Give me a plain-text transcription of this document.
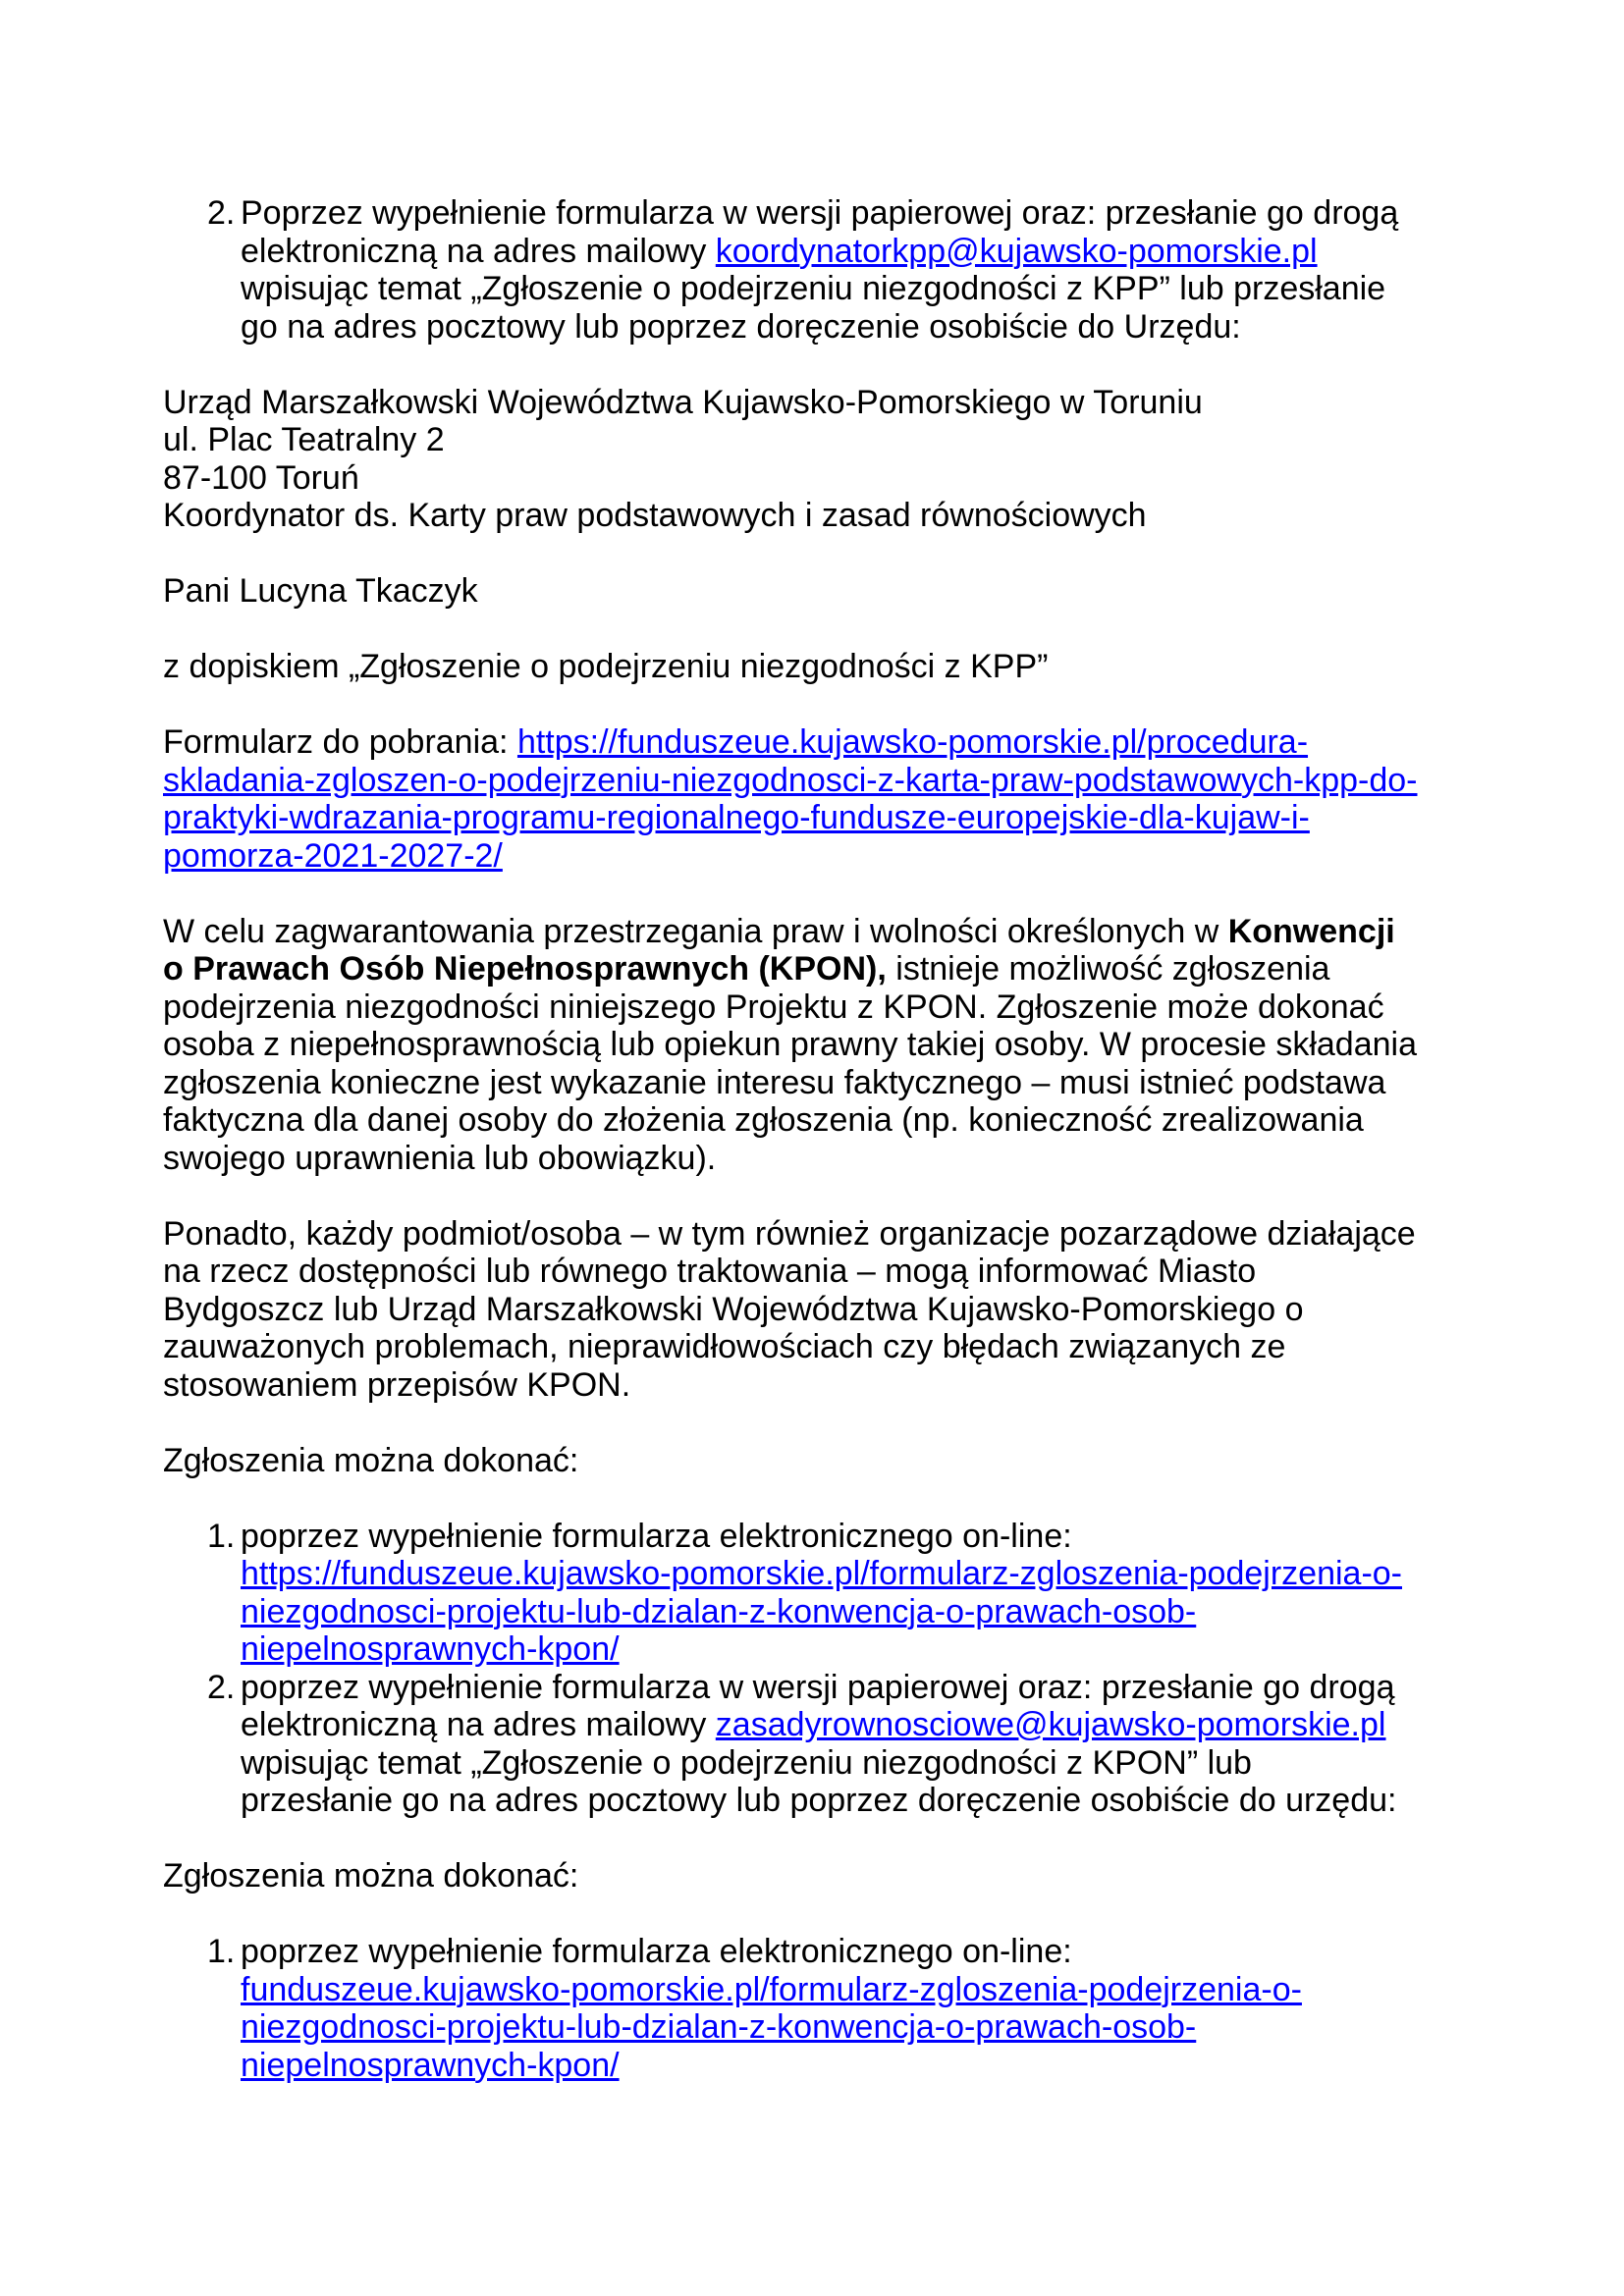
2. Poprzez wypełnienie formularza w wersji papierowej oraz: przesłanie go drogą
elektroniczną na adres mailowy koordynatorkpp@kujawsko-pomorskie.pl
wpisując temat „Zgłoszenie o podejrzeniu niezgodności z KPP” lub przesłanie
go na adres pocztowy lub poprzez doręczenie osobiście do Urzędu:
Urząd Marszałkowski Województwa Kujawsko-Pomorskiego w Toruniu
ul. Plac Teatralny 2
87-100 Toruń
Koordynator ds. Karty praw podstawowych i zasad równościowych
Pani Lucyna Tkaczyk
z dopiskiem „Zgłoszenie o podejrzeniu niezgodności z KPP”
Formularz do pobrania: https://funduszeue.kujawsko-pomorskie.pl/procedura-
skladania-zgloszen-o-podejrzeniu-niezgodnosci-z-karta-praw-podstawowych-kpp-do-
praktyki-wdrazania-programu-regionalnego-fundusze-europejskie-dla-kujaw-i-
pomorza-2021-2027-2/
W celu zagwarantowania przestrzegania praw i wolności określonych w Konwencji
o Prawach Osób Niepełnosprawnych (KPON), istnieje możliwość zgłoszenia
podejrzenia niezgodności niniejszego Projektu z KPON. Zgłoszenie może dokonać
osoba z niepełnosprawnością lub opiekun prawny takiej osoby. W procesie składania
zgłoszenia konieczne jest wykazanie interesu faktycznego – musi istnieć podstawa
faktyczna dla danej osoby do złożenia zgłoszenia (np. konieczność zrealizowania
swojego uprawnienia lub obowiązku).
Ponadto, każdy podmiot/osoba – w tym również organizacje pozarządowe działające
na rzecz dostępności lub równego traktowania – mogą informować Miasto
Bydgoszcz lub Urząd Marszałkowski Województwa Kujawsko-Pomorskiego o
zauważonych problemach, nieprawidłowościach czy błędach związanych ze
stosowaniem przepisów KPON.
Zgłoszenia można dokonać:
1. poprzez wypełnienie formularza elektronicznego on-line:
https://funduszeue.kujawsko-pomorskie.pl/formularz-zgloszenia-podejrzenia-o-
niezgodnosci-projektu-lub-dzialan-z-konwencja-o-prawach-osob-
niepelnosprawnych-kpon/
2. poprzez wypełnienie formularza w wersji papierowej oraz: przesłanie go drogą
elektroniczną na adres mailowy zasadyrownosciowe@kujawsko-pomorskie.pl
wpisując temat „Zgłoszenie o podejrzeniu niezgodności z KPON” lub
przesłanie go na adres pocztowy lub poprzez doręczenie osobiście do urzędu:
Zgłoszenia można dokonać:
1. poprzez wypełnienie formularza elektronicznego on-line:
funduszeue.kujawsko-pomorskie.pl/formularz-zgloszenia-podejrzenia-o-
niezgodnosci-projektu-lub-dzialan-z-konwencja-o-prawach-osob-
niepelnosprawnych-kpon/
